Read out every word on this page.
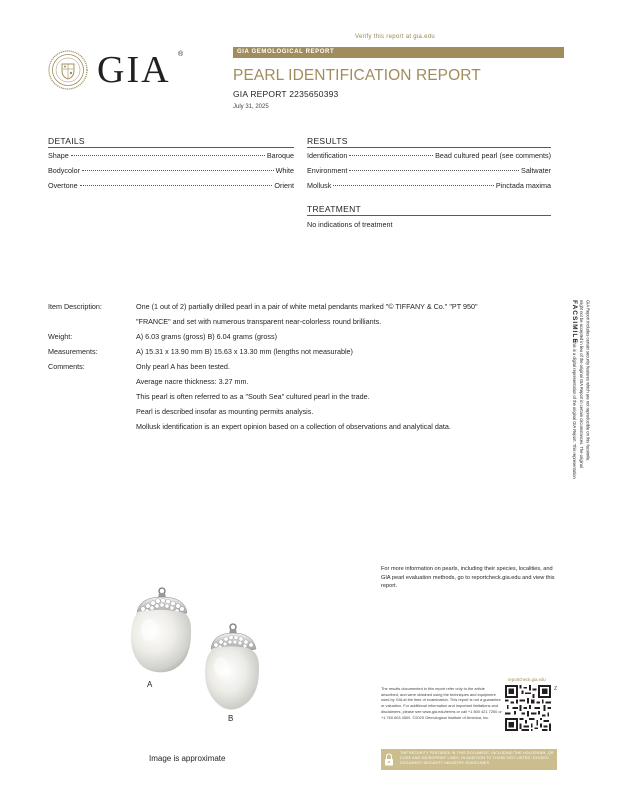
Verify this report at gia.edu
GIA ®	GIA GEMOLOGICAL REPORT
PEARL IDENTIFICATION REPORT
GIA REPORT 2235650393
July 31, 2025
DETAILS
Shape	Baroque
Bodycolor	White
Overtone	Orient
RESULTS
Identification	Bead cultured pearl (see comments)
Environment	Saltwater
Mollusk	Pinctada maxima
TREATMENT
No indications of treatment
Item Description:	One (1 out of 2) partially drilled pearl in a pair of white metal pendants marked "© TIFFANY & Co." "PT 950"
"FRANCE" and set with numerous transparent near-colorless round brilliants.
Weight:	A) 6.03 grams (gross) B) 6.04 grams (gross)
Measurements:	A) 15.31 x 13.90 mm B) 15.63 x 13.30 mm (lengths not measurable)
Comments:	Only pearl A has been tested.
Average nacre thickness: 3.27 mm.
This pearl is often referred to as a "South Sea" cultured pearl in the trade.
Pearl is described insofar as mounting permits analysis.
Mollusk identification is an expert opinion based on a collection of observations and analytical data.
FACSIMILE
This is a digital representation of the original GIA Report. This representation might not be accepted in lieu of the original GIA Report in certain circumstances. The original GIA Report includes certain security features which are not reproducible on this facsimile.
For more information on pearls, including their species, localities, and GIA pearl evaluation methods, go to reportcheck.gia.edu and view this report.
reportcheck.gia.edu
The results documented in this report refer only to the article described, and were obtained using the techniques and equipment used by GIA at the time of examination. This report is not a guarantee or valuation. For additional information and important limitations and disclaimers, please see www.gia.edu/terms or call +1 800 421 7250 or +1 760 603 4500. ©2020 Gemological Institute of America, Inc.
Z
THE SECURITY FEATURES IN THIS DOCUMENT, INCLUDING THE HOLOGRAM, QR CODE AND MICROPRINT LINES, IN ADDITION TO THOSE NOT LISTED, EXCEED DOCUMENT SECURITY INDUSTRY GUIDELINES.
A
B
Image is approximate
